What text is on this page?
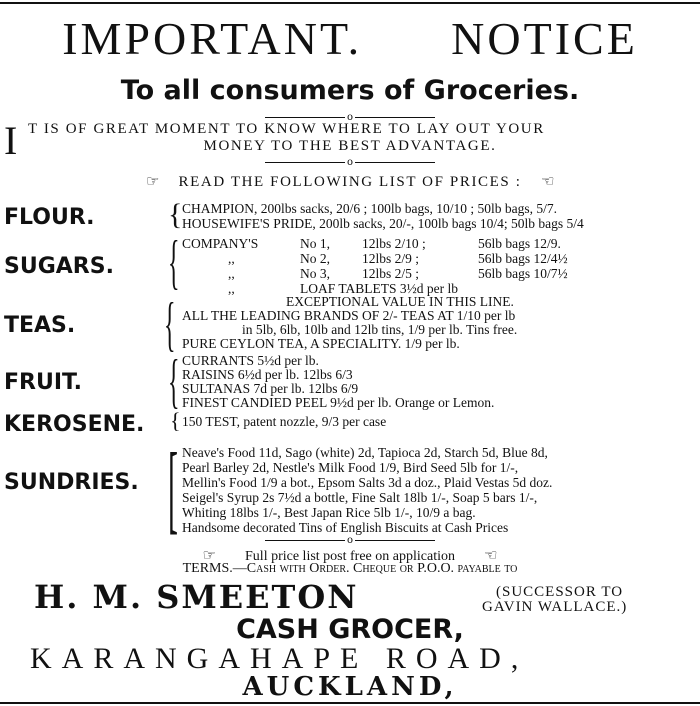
IMPORTANT. NOTICE
To all consumers of Groceries.
o
I T IS OF GREAT MOMENT TO KNOW WHERE TO LAY OUT YOUR
MONEY TO THE BEST ADVANTAGE.
o
☞ READ THE FOLLOWING LIST OF PRICES : ☞
FLOUR. { CHAMPION, 200lbs sacks, 20/6 ; 100lb bags, 10/10 ; 50lb bags, 5/7.
HOUSEWIFE'S PRIDE, 200lb sacks, 20/-, 100lb bags 10/4; 50lb bags 5/4
SUGARS. { COMPANY'S	No 1, 12lbs 2/10 ;	56lb bags 12/9.
,,	No 2, 12lbs 2/9 ;	56lb bags 12/4½
,,	No 3, 12lbs 2/5 ;	56lb bags 10/7½
,,	LOAF TABLETS 3½d per lb
TEAS. {	EXCEPTIONAL VALUE IN THIS LINE.
ALL THE LEADING BRANDS OF 2/- TEAS AT 1/10 per lb
in 5lb, 6lb, 10lb and 12lb tins, 1/9 per lb. Tins free.
PURE CEYLON TEA, A SPECIALITY. 1/9 per lb.
FRUIT. { CURRANTS 5½d per lb.
RAISINS 6½d per lb. 12lbs 6/3
SULTANAS 7d per lb. 12lbs 6/9
FINEST CANDIED PEEL 9½d per lb. Orange or Lemon.
KEROSENE. { 150 TEST, patent nozzle, 9/3 per case
SUNDRIES. [ Neave's Food 11d, Sago (white) 2d, Tapioca 2d, Starch 5d, Blue 8d,
Pearl Barley 2d, Nestle's Milk Food 1/9, Bird Seed 5lb for 1/-,
Mellin's Food 1/9 a bot., Epsom Salts 3d a doz., Plaid Vestas 5d doz.
Seigel's Syrup 2s 7½d a bottle, Fine Salt 18lb 1/-, Soap 5 bars 1/-,
Whiting 18lbs 1/-, Best Japan Rice 5lb 1/-, 10/9 a bag.
Handsome decorated Tins of English Biscuits at Cash Prices
o
☞ Full price list post free on application ☞
TERMS.—Cash with Order. Cheque or P.O.O. payable to
H. M. SMEETON	(SUCCESSOR TO
GAVIN WALLACE.)
CASH GROCER,
KARANGAHAPE ROAD,
AUCKLAND,
